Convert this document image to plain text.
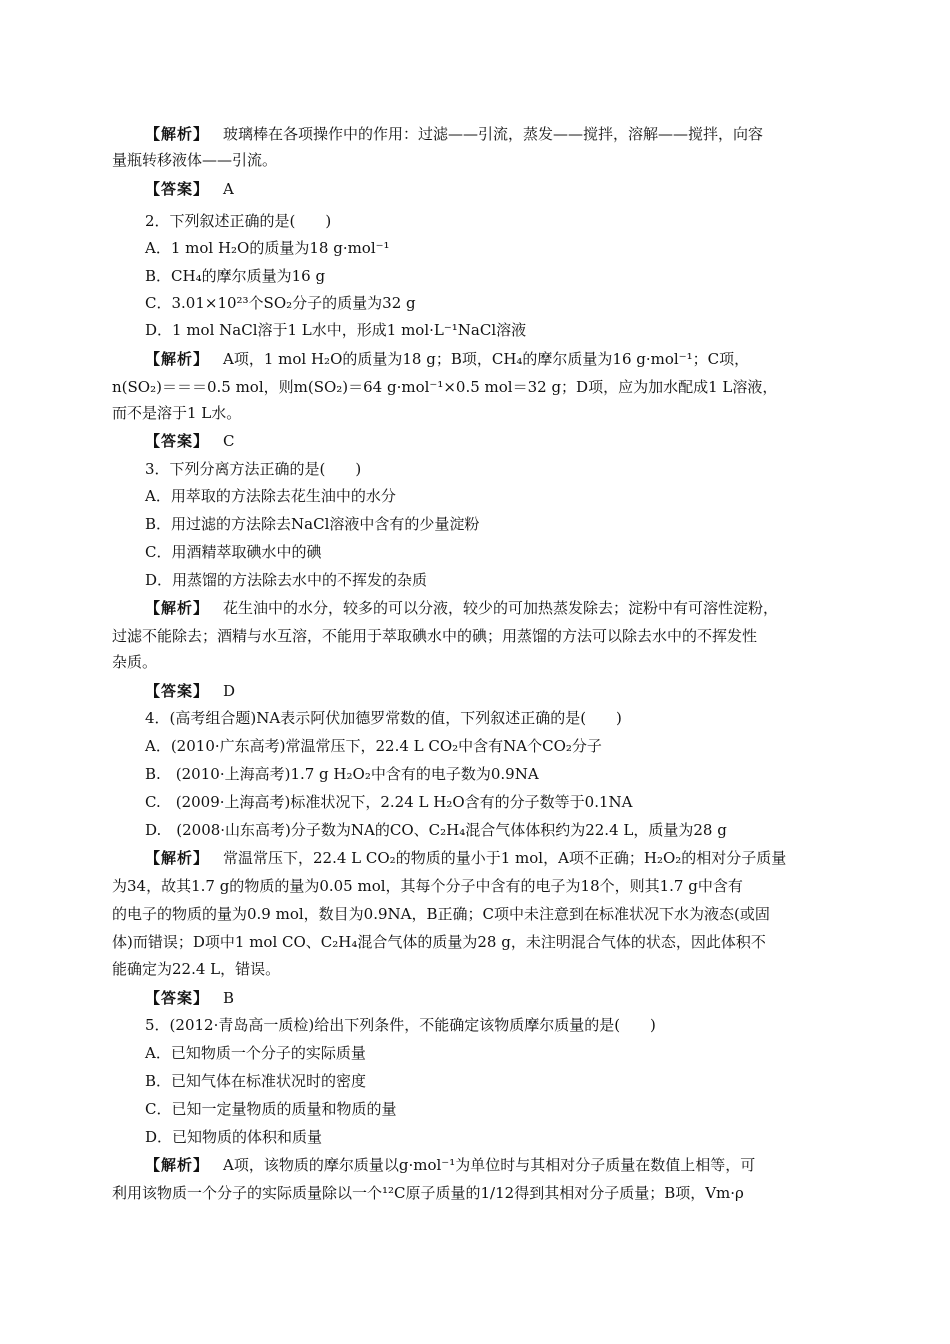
【解析】 玻璃棒在各项操作中的作用：过滤——引流，蒸发——搅拌，溶解——搅拌，向容
量瓶转移液体——引流。
【答案】 A
2．下列叙述正确的是(　　)
A．1 mol H₂O的质量为18 g·mol⁻¹
B．CH₄的摩尔质量为16 g
C．3.01×10²³个SO₂分子的质量为32 g
D．1 mol NaCl溶于1 L水中，形成1 mol·L⁻¹NaCl溶液
【解析】 A项，1 mol H₂O的质量为18 g；B项，CH₄的摩尔质量为16 g·mol⁻¹；C项，
n(SO₂)＝＝＝0.5 mol，则m(SO₂)＝64 g·mol⁻¹×0.5 mol＝32 g；D项，应为加水配成1 L溶液，
而不是溶于1 L水。
【答案】 C
3．下列分离方法正确的是(　　)
A．用萃取的方法除去花生油中的水分
B．用过滤的方法除去NaCl溶液中含有的少量淀粉
C．用酒精萃取碘水中的碘
D．用蒸馏的方法除去水中的不挥发的杂质
【解析】 花生油中的水分，较多的可以分液，较少的可加热蒸发除去；淀粉中有可溶性淀粉，
过滤不能除去；酒精与水互溶，不能用于萃取碘水中的碘；用蒸馏的方法可以除去水中的不挥发性
杂质。
【答案】 D
4．(高考组合题)NA表示阿伏加德罗常数的值，下列叙述正确的是(　　)
A．(2010·广东高考)常温常压下，22.4 L CO₂中含有NA个CO₂分子
B.　(2010·上海高考)1.7 g H₂O₂中含有的电子数为0.9NA
C.　(2009·上海高考)标准状况下，2.24 L H₂O含有的分子数等于0.1NA
D.　(2008·山东高考)分子数为NA的CO、C₂H₄混合气体体积约为22.4 L，质量为28 g
【解析】 常温常压下，22.4 L CO₂的物质的量小于1 mol，A项不正确；H₂O₂的相对分子质量
为34，故其1.7 g的物质的量为0.05 mol，其每个分子中含有的电子为18个，则其1.7 g中含有
的电子的物质的量为0.9 mol，数目为0.9NA，B正确；C项中未注意到在标准状况下水为液态(或固
体)而错误；D项中1 mol CO、C₂H₄混合气体的质量为28 g，未注明混合气体的状态，因此体积不
能确定为22.4 L，错误。
【答案】 B
5．(2012·青岛高一质检)给出下列条件，不能确定该物质摩尔质量的是(　　)
A．已知物质一个分子的实际质量
B．已知气体在标准状况时的密度
C．已知一定量物质的质量和物质的量
D．已知物质的体积和质量
【解析】 A项，该物质的摩尔质量以g·mol⁻¹为单位时与其相对分子质量在数值上相等，可
利用该物质一个分子的实际质量除以一个¹²C原子质量的1/12得到其相对分子质量；B项，Vm·ρ
